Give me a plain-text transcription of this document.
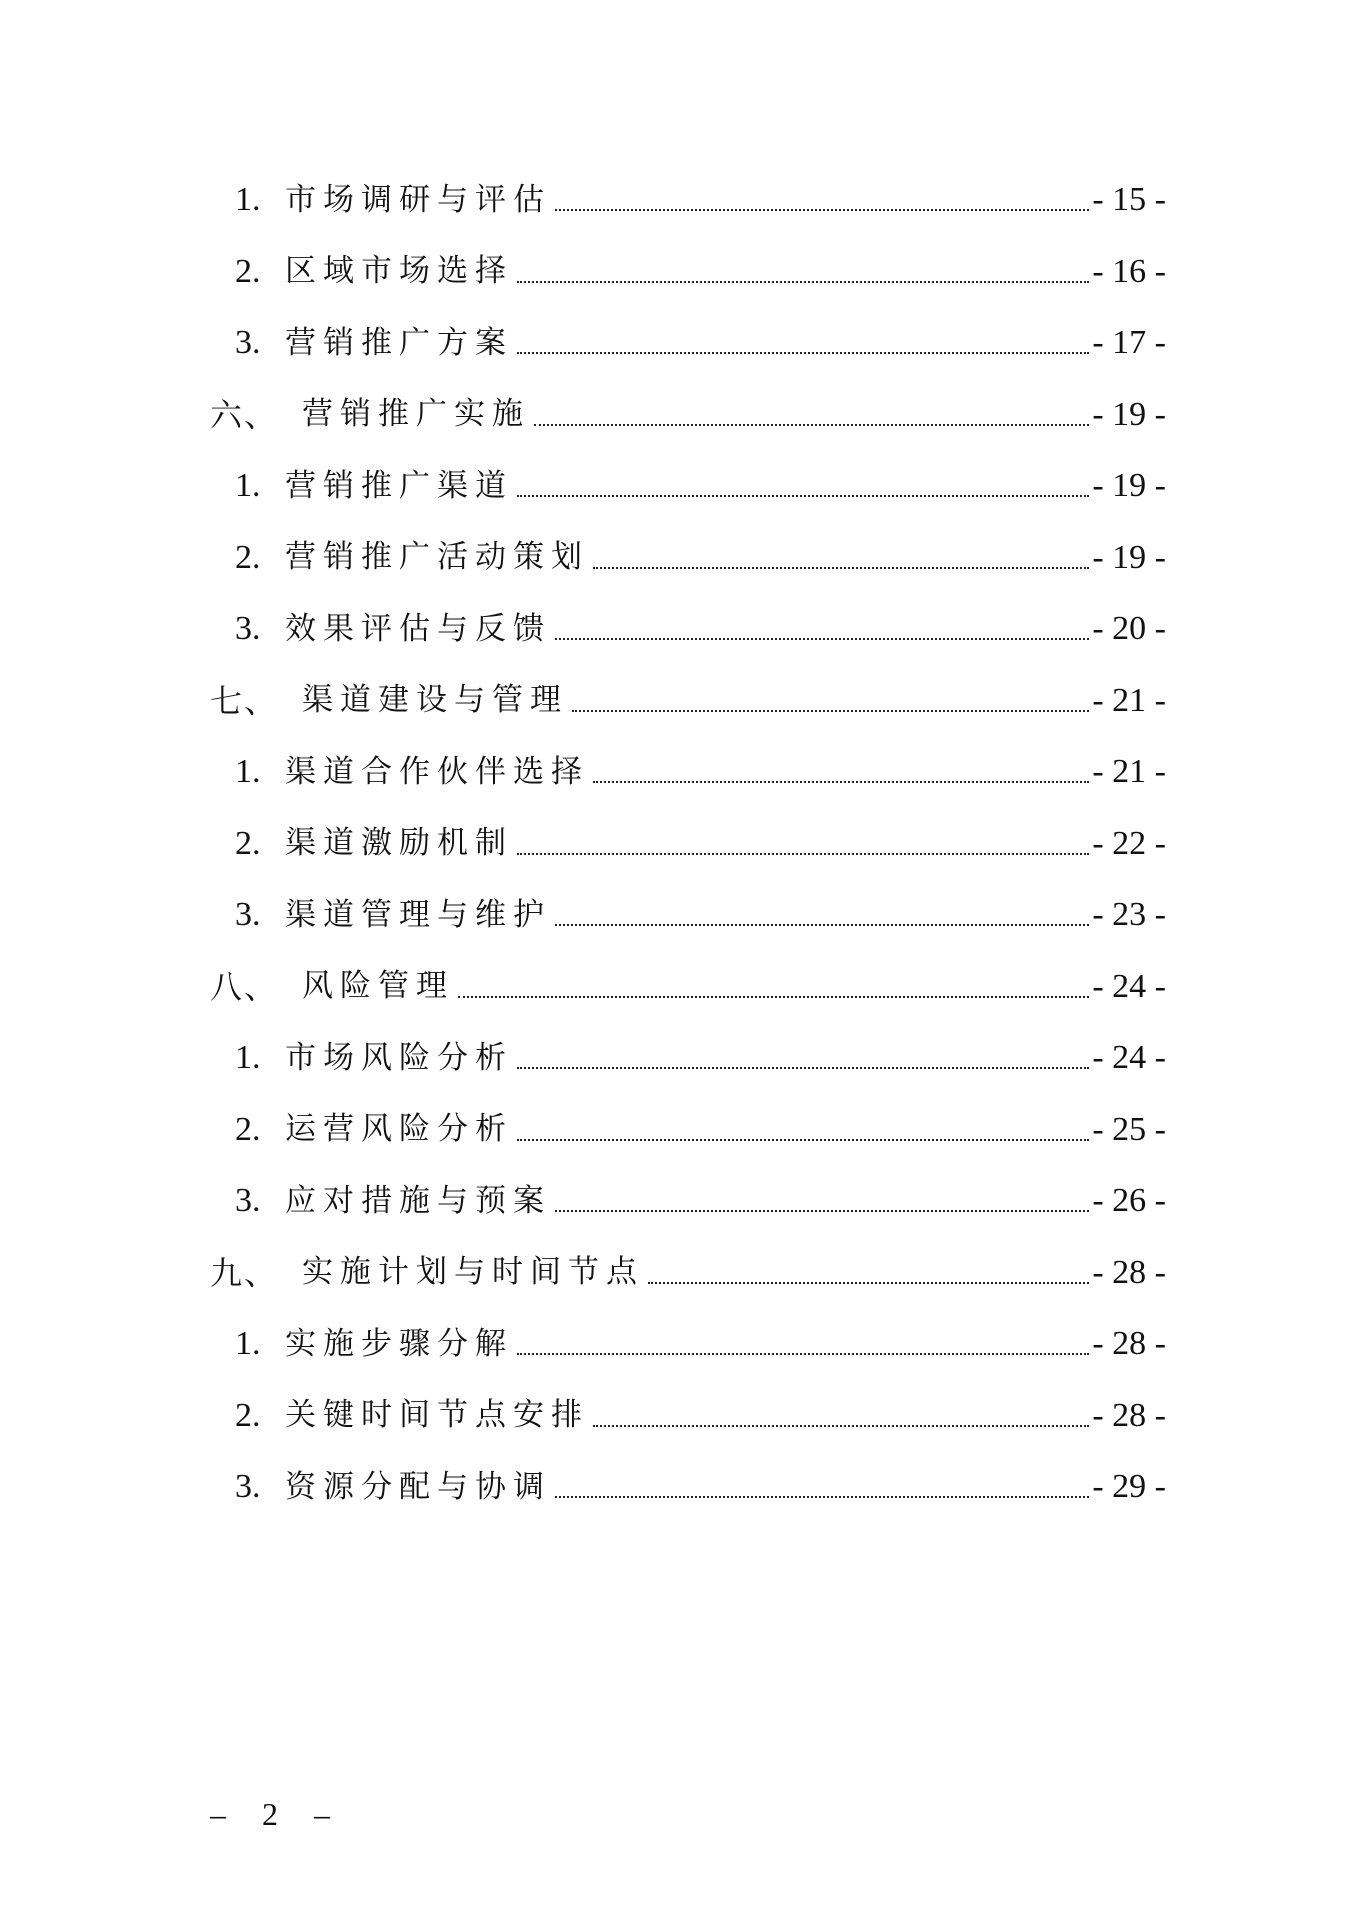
1. 市场调研与评估	- 15 -
2. 区域市场选择	- 16 -
3. 营销推广方案	- 17 -
六、 营销推广实施	- 19 -
1. 营销推广渠道	- 19 -
2. 营销推广活动策划	- 19 -
3. 效果评估与反馈	- 20 -
七、 渠道建设与管理	- 21 -
1. 渠道合作伙伴选择	- 21 -
2. 渠道激励机制	- 22 -
3. 渠道管理与维护	- 23 -
八、 风险管理	- 24 -
1. 市场风险分析	- 24 -
2. 运营风险分析	- 25 -
3. 应对措施与预案	- 26 -
九、 实施计划与时间节点	- 28 -
1. 实施步骤分解	- 28 -
2. 关键时间节点安排	- 28 -
3. 资源分配与协调	- 29 -
– 2 –
